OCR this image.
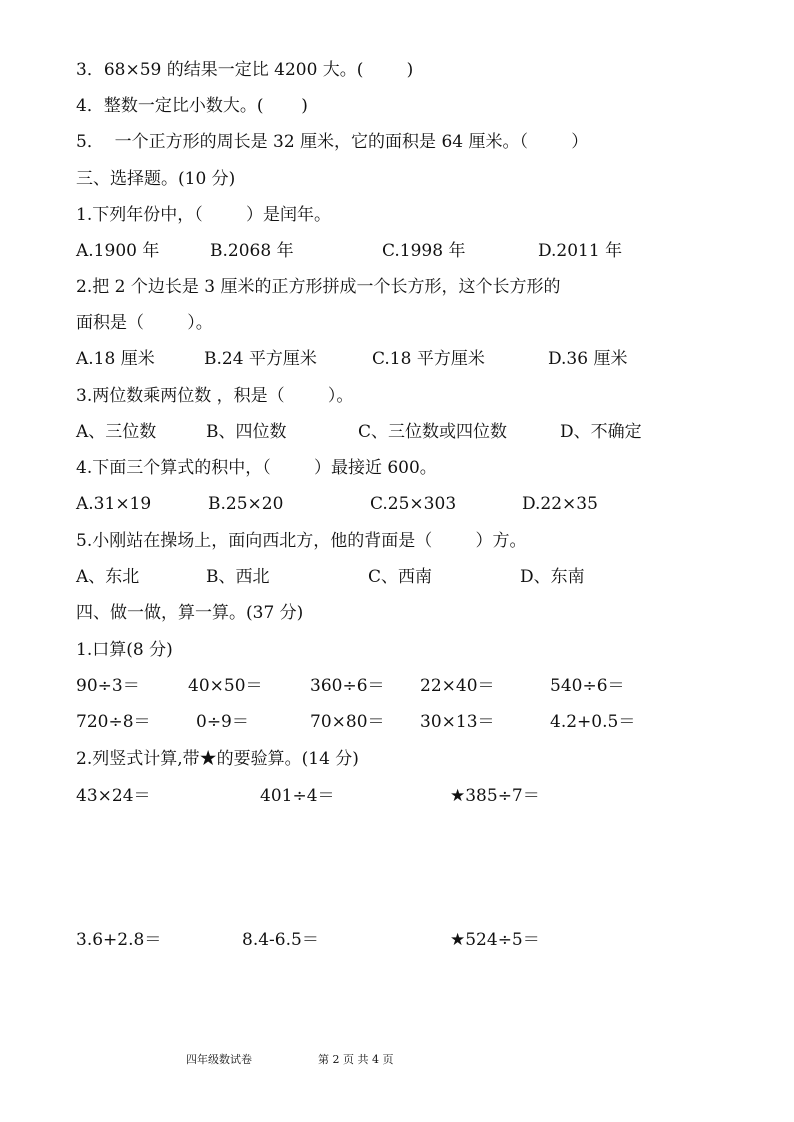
3．68×59 的结果一定比 4200 大。(        )
4．整数一定比小数大。(       )
5．  一个正方形的周长是 32 厘米，它的面积是 64 厘米。（        ）
三、选择题。(10 分)
1.下列年份中，（        ）是闰年。
A.1900 年	B.2068 年	C.1998 年	D.2011 年
2.把 2 个边长是 3 厘米的正方形拼成一个长方形，这个长方形的
面积是（        ）。
A.18 厘米	B.24 平方厘米	C.18 平方厘米	D.36 厘米
3.两位数乘两位数 ，积是（        ）。
A、三位数	B、四位数	C、三位数或四位数	D、不确定
4.下面三个算式的积中，（        ）最接近 600。
A.31×19	B.25×20	C.25×303	D.22×35
5.小刚站在操场上，面向西北方，他的背面是（        ）方。
A、东北	B、西北	C、西南	D、东南
四、做一做，算一算。(37 分)
1.口算(8 分)
90÷3＝	40×50＝	360÷6＝ 22×40＝	540÷6＝
720÷8＝	0÷9＝	70×80＝ 30×13＝	4.2+0.5＝
2.列竖式计算,带★的要验算。(14 分)
43×24＝	401÷4＝	★385÷7＝
3.6+2.8＝	8.4-6.5＝	★524÷5＝
四年级数试卷	第 2 页 共 4 页
